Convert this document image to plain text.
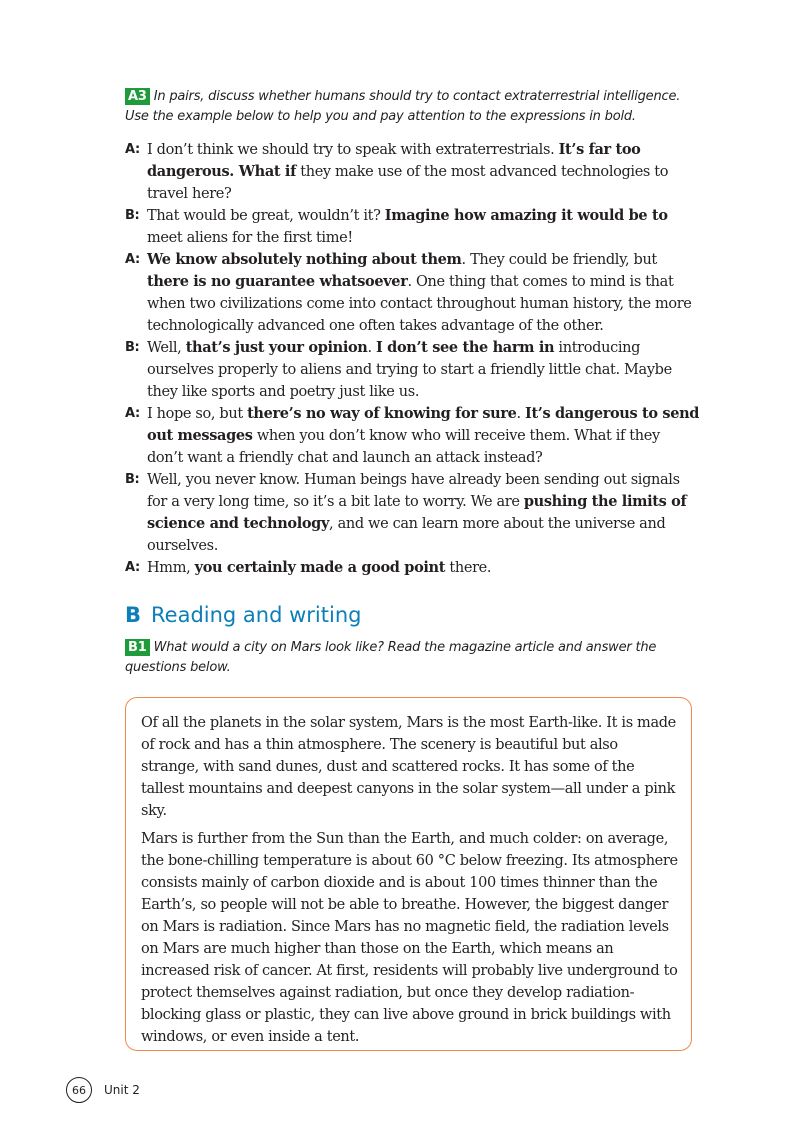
A3 In pairs, discuss whether humans should try to contact extraterrestrial intelligence. Use the example below to help you and pay attention to the expressions in bold.
A: I don’t think we should try to speak with extraterrestrials. It’s far too dangerous. What if they make use of the most advanced technologies to travel here?
B: That would be great, wouldn’t it? Imagine how amazing it would be to meet aliens for the first time!
A: We know absolutely nothing about them. They could be friendly, but there is no guarantee whatsoever. One thing that comes to mind is that when two civilizations come into contact throughout human history, the more technologically advanced one often takes advantage of the other.
B: Well, that’s just your opinion. I don’t see the harm in introducing ourselves properly to aliens and trying to start a friendly little chat. Maybe they like sports and poetry just like us.
A: I hope so, but there’s no way of knowing for sure. It’s dangerous to send out messages when you don’t know who will receive them. What if they don’t want a friendly chat and launch an attack instead?
B: Well, you never know. Human beings have already been sending out signals for a very long time, so it’s a bit late to worry. We are pushing the limits of science and technology, and we can learn more about the universe and ourselves.
A: Hmm, you certainly made a good point there.
B Reading and writing
B1 What would a city on Mars look like? Read the magazine article and answer the questions below.

Of all the planets in the solar system, Mars is the most Earth-like. It is made of rock and has a thin atmosphere. The scenery is beautiful but also strange, with sand dunes, dust and scattered rocks. It has some of the tallest mountains and deepest canyons in the solar system—all under a pink sky.

Mars is further from the Sun than the Earth, and much colder: on average, the bone-chilling temperature is about 60 °C below freezing. Its atmosphere consists mainly of carbon dioxide and is about 100 times thinner than the Earth’s, so people will not be able to breathe. However, the biggest danger on Mars is radiation. Since Mars has no magnetic field, the radiation levels on Mars are much higher than those on the Earth, which means an increased risk of cancer. At first, residents will probably live underground to protect themselves against radiation, but once they develop radiation-blocking glass or plastic, they can live above ground in brick buildings with windows, or even inside a tent.

66	Unit 2
